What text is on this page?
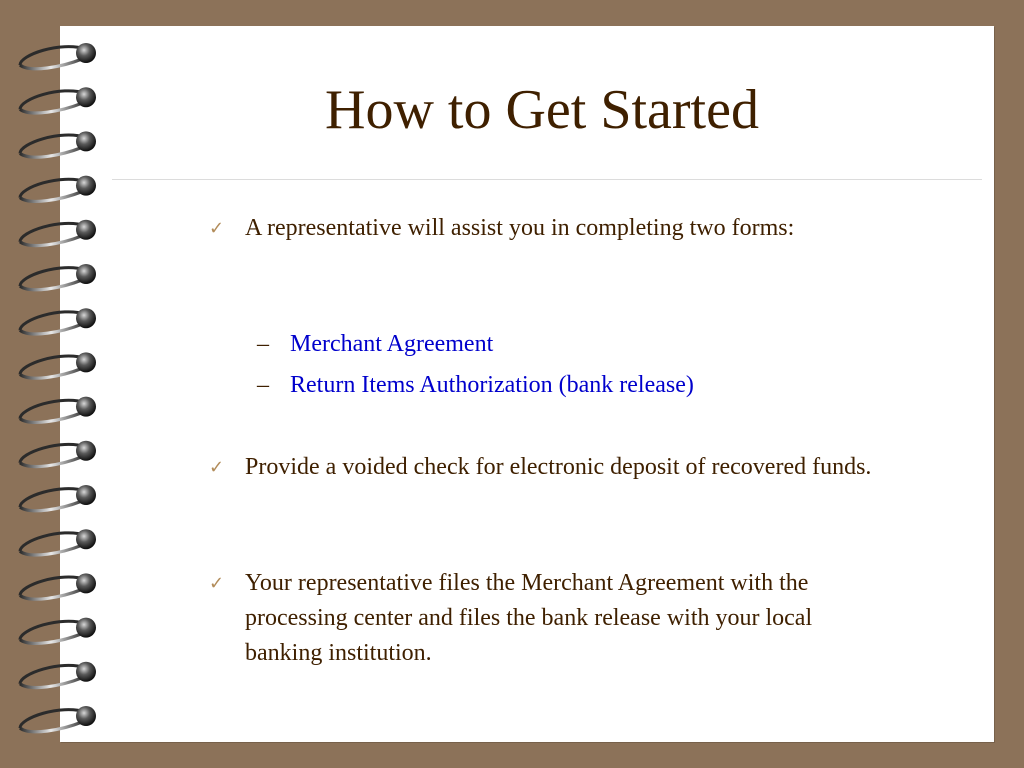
How to Get Started
✓ A representative will assist you in completing two forms:
– Merchant Agreement
– Return Items Authorization (bank release)
✓ Provide a voided check for electronic deposit of recovered funds.
✓ Your representative files the Merchant Agreement with the processing center and files the bank release with your local banking institution.
